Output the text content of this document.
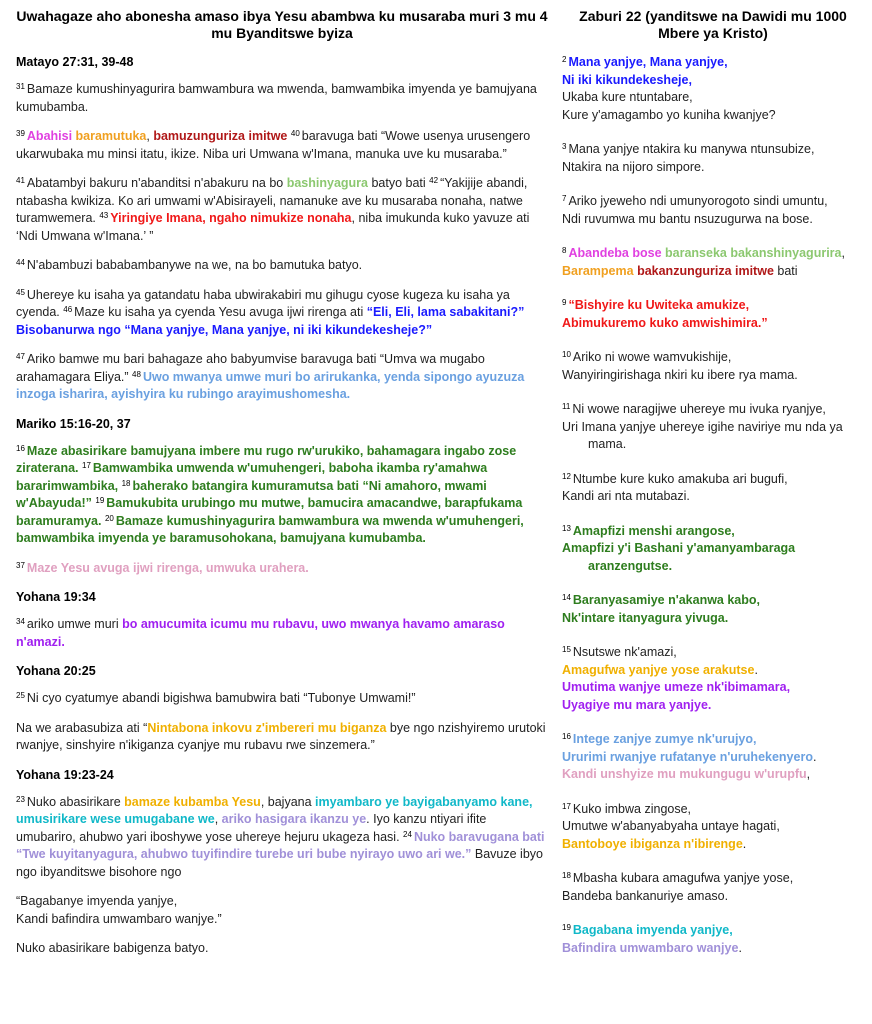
Uwahagaze aho abonesha amaso ibya Yesu abambwa ku musaraba muri 3 mu 4 mu Byanditswe byiza
Matayo 27:31, 39-48
$^{31}$ Bamaze kumushinyagurira bamwambura wa mwenda, bamwambika imyenda ye bamujyana kumubamba.
$^{39}$ Abahisi baramutuka, bamuzunguriza imitwe $^{40}$ baravuga bati “Wowe usenya urusengero ukarwubaka mu minsi itatu, ikize. Niba uri Umwana w'Imana, manuka uve ku musaraba.”
$^{41}$ Abatambyi bakuru n'abanditsi n'abakuru na bo bashinyagura batyo bati $^{42}$ “Yakijije abandi, ntabasha kwikiza. Ko ari umwami w'Abisirayeli, namanuke ave ku musaraba nonaha, natwe turamwemera. $^{43}$ Yiringiye Imana, ngaho nimukize nonaha, niba imukunda kuko yavuze ati ‘Ndi Umwana w'Imana.’ ”
$^{44}$ N'abambuzi bababambanywe na we, na bo bamutuka batyo.
$^{45}$ Uhereye ku isaha ya gatandatu haba ubwirakabiri mu gihugu cyose kugeza ku isaha ya cyenda. $^{46}$ Maze ku isaha ya cyenda Yesu avuga ijwi rirenga ati “Eli, Eli, lama sabakitani?” Bisobanurwa ngo “Mana yanjye, Mana yanjye, ni iki kikundekesheje?”
$^{47}$ Ariko bamwe mu bari bahagaze aho babyumvise baravuga bati “Umva wa mugabo arahamagara Eliya.” $^{48}$ Uwo mwanya umwe muri bo arirukanka, yenda sipongo ayuzuza inzoga isharira, ayishyira ku rubingo arayimushomesha.
Mariko 15:16-20, 37
$^{16}$ Maze abasirikare bamujyana imbere mu rugo rw'urukiko, bahamagara ingabo zose ziraterana. $^{17}$ Bamwambika umwenda w'umuhengeri, baboha ikamba ry'amahwa bararimwambika, $^{18}$ baherako batangira kumuramutsa bati “Ni amahoro, mwami w'Abayuda!” $^{19}$ Bamukubita urubingo mu mutwe, bamucira amacandwe, barapfukama baramuramya. $^{20}$ Bamaze kumushinyagurira bamwambura wa mwenda w'umuhengeri, bamwambika imyenda ye baramusohokana, bamujyana kumubamba.
$^{37}$ Maze Yesu avuga ijwi rirenga, umwuka urahera.
Yohana 19:34
$^{34}$ ariko umwe muri bo amucumita icumu mu rubavu, uwo mwanya havamo amaraso n'amazi.
Yohana 20:25
$^{25}$ Ni cyo cyatumye abandi bigishwa bamubwira bati “Tubonye Umwami!”
Na we arabasubiza ati “Nintabona inkovu z'imbereri mu biganza bye ngo nzishyiremo urutoki rwanjye, sinshyire n'ikiganza cyanjye mu rubavu rwe sinzemera.”
Yohana 19:23-24
$^{23}$ Nuko abasirikare bamaze kubamba Yesu, bajyana imyambaro ye bayigabanyamo kane, umusirikare wese umugabane we, ariko hasigara ikanzu ye. Iyo kanzu ntiyari ifite umubariro, ahubwo yari iboshywe yose uhereye hejuru ukageza hasi. $^{24}$ Nuko baravugana bati “Twe kuyitanyagura, ahubwo tuyifindire turebe uri bube nyirayo uwo ari we.” Bavuze ibyo ngo ibyanditswe bisohore ngo
“Bagabanye imyenda yanjye,
Kandi bafindira umwambaro wanjye.”
Nuko abasirikare babigenza batyo.
Zaburi 22 (yanditswe na Dawidi mu 1000 Mbere ya Kristo)
$^2$ Mana yanjye, Mana yanjye,
Ni iki kikundekesheje,
Ukaba kure ntuntabare,
Kure y'amagambo yo kuniha kwanjye?
$^3$ Mana yanjye ntakira ku manywa ntunsubize,
Ntakira na nijoro simpore.
$^7$ Ariko jyeweho ndi umunyorogoto sindi umuntu,
Ndi ruvumwa mu bantu nsuzugurwa na bose.
$^8$ Abandeba bose baranseka bakanshinyagurira,
Barampema bakanzunguriza imitwe bati
$^9$ “Bishyire ku Uwiteka amukize,
Abimukuremo kuko amwishimira.”
$^{10}$ Ariko ni wowe wamvukishije,
Wanyiringirishaga nkiri ku ibere rya mama.
$^{11}$ Ni wowe naragijwe uhereye mu ivuka ryanjye,
Uri Imana yanjye uhereye igihe naviriye mu nda ya
mama.
$^{12}$ Ntumbe kure kuko amakuba ari bugufi,
Kandi ari nta mutabazi.
$^{13}$ Amapfizi menshi arangose,
Amapfizi y'i Bashani y'amanyambaraga
aranzengutse.
$^{14}$ Baranyasamiye n'akanwa kabo,
Nk'intare itanyagura yivuga.
$^{15}$ Nsutswe nk'amazi,
Amagufwa yanjye yose arakutse.
Umutima wanjye umeze nk'ibimamara,
Uyagiye mu mara yanjye.
$^{16}$ Intege zanjye zumye nk'urujyo,
Ururimi rwanjye rufatanye n'uruhekenyero.
Kandi unshyize mu mukungugu w'urupfu,
$^{17}$ Kuko imbwa zingose,
Umutwe w'abanyabyaha untaye hagati,
Bantoboye ibiganza n'ibirenge.
$^{18}$ Mbasha kubara amagufwa yanjye yose,
Bandeba bankanuriye amaso.
$^{19}$ Bagabana imyenda yanjye,
Bafindira umwambaro wanjye.
